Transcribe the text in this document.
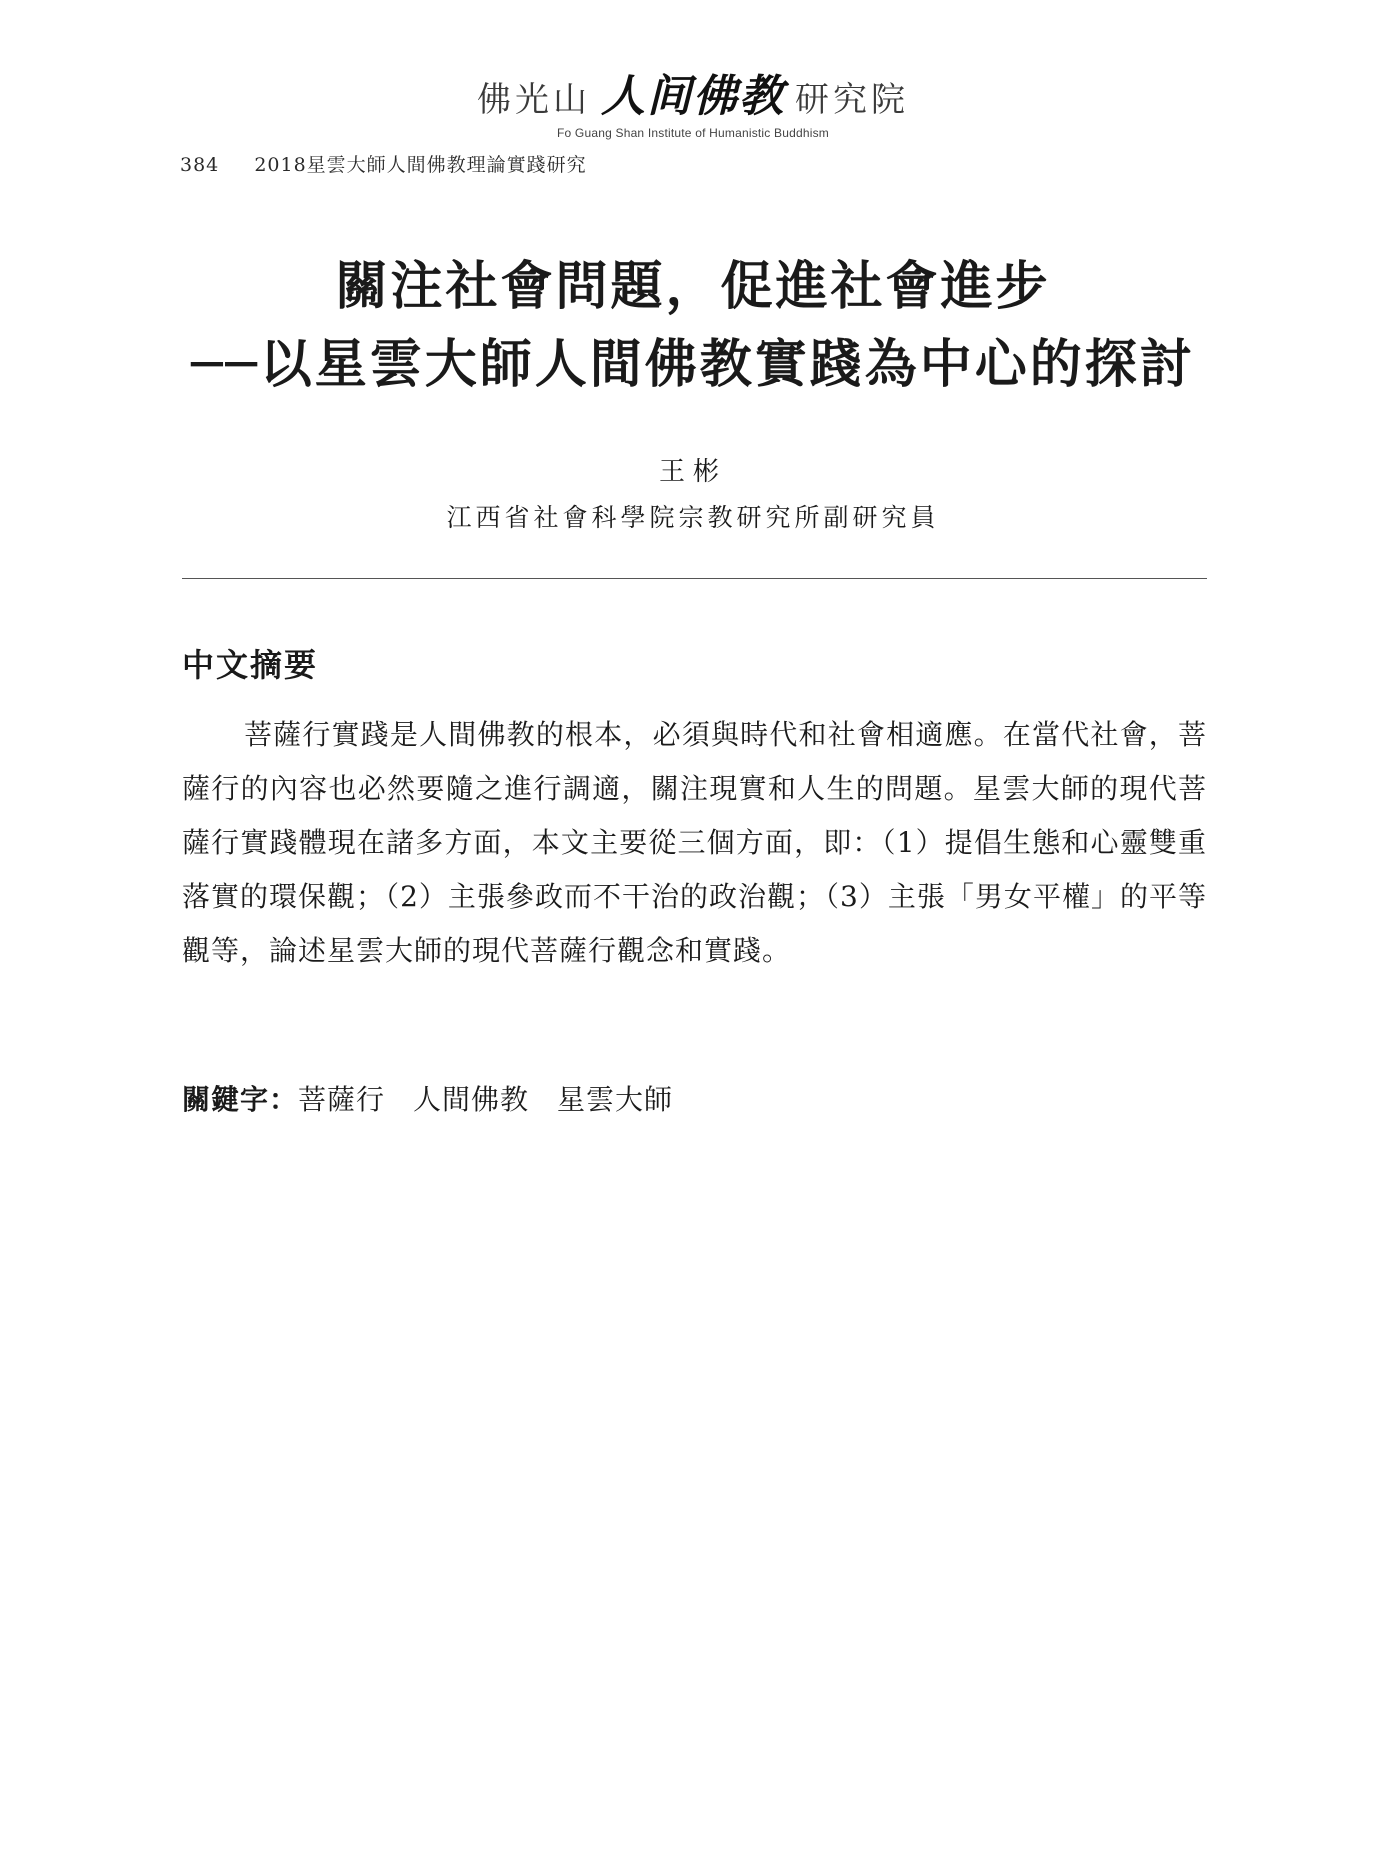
佛光山 人间佛教 研究院
Fo Guang Shan Institute of Humanistic Buddhism
384 2018星雲大師人間佛教理論實踐研究
關注社會問題，促進社會進步
──以星雲大師人間佛教實踐為中心的探討
王彬
江西省社會科學院宗教研究所副研究員
中文摘要
菩薩行實踐是人間佛教的根本，必須與時代和社會相適應。在當代社會，菩薩行的內容也必然要隨之進行調適，關注現實和人生的問題。星雲大師的現代菩薩行實踐體現在諸多方面，本文主要從三個方面，即：（1）提倡生態和心靈雙重落實的環保觀；（2）主張參政而不干治的政治觀；（3）主張「男女平權」的平等觀等，論述星雲大師的現代菩薩行觀念和實踐。
關鍵字：菩薩行 人間佛教 星雲大師
